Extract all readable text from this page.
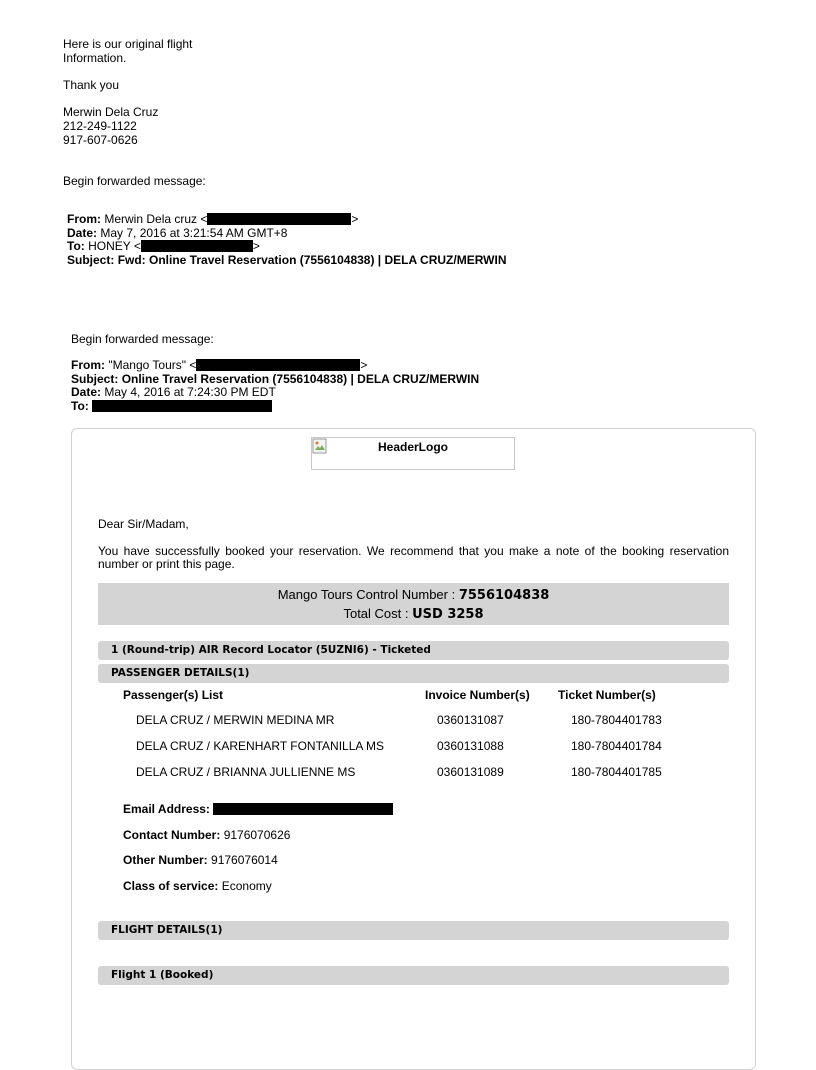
Here is our original flight
Information.
Thank you
Merwin Dela Cruz
212-249-1122
917-607-0626
Begin forwarded message:
From: Merwin Dela cruz <	>
Date: May 7, 2016 at 3:21:54 AM GMT+8
To: HONEY <	>
Subject: Fwd: Online Travel Reservation (7556104838) | DELA CRUZ/MERWIN
Begin forwarded message:
From: "Mango Tours" <	>
Subject: Online Travel Reservation (7556104838) | DELA CRUZ/MERWIN
Date: May 4, 2016 at 7:24:30 PM EDT
To:
HeaderLogo
Dear Sir/Madam,
You have successfully booked your reservation. We recommend that you make a note of the booking reservation number or print this page.
Mango Tours Control Number : 7556104838
Total Cost : USD 3258
1 (Round-trip) AIR Record Locator (5UZNI6) - Ticketed
PASSENGER DETAILS(1)
Passenger(s) List	Invoice Number(s) Ticket Number(s)
DELA CRUZ / MERWIN MEDINA MR	0360131087	180-7804401783
DELA CRUZ / KARENHART FONTANILLA MS	0360131088	180-7804401784
DELA CRUZ / BRIANNA JULLIENNE MS	0360131089	180-7804401785
Email Address:
Contact Number: 9176070626
Other Number: 9176076014
Class of service: Economy
FLIGHT DETAILS(1)
Flight 1 (Booked)
